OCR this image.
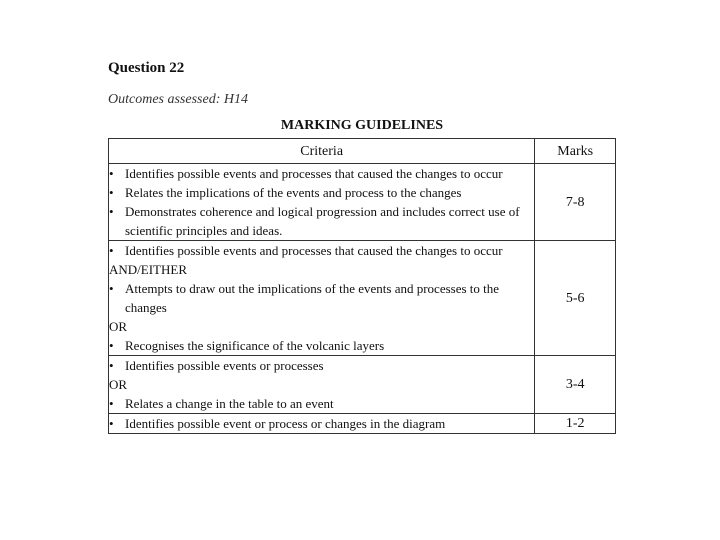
Question 22

Outcomes assessed: H14

MARKING GUIDELINES
Criteria	Marks

• Identifies possible events and processes that caused the changes to occur

• Relates the implications of the events and process to the changes

• Demonstrates coherence and logical progression and includes correct use of scientific principles and ideas.	7-8

• Identifies possible events and processes that caused the changes to occur

AND/EITHER

• Attempts to draw out the implications of the events and processes to the changes

OR

• Recognises the significance of the volcanic layers	5-6

• Identifies possible events or processes

OR

• Relates a change in the table to an event	3-4

• Identifies possible event or process or changes in the diagram	1-2
